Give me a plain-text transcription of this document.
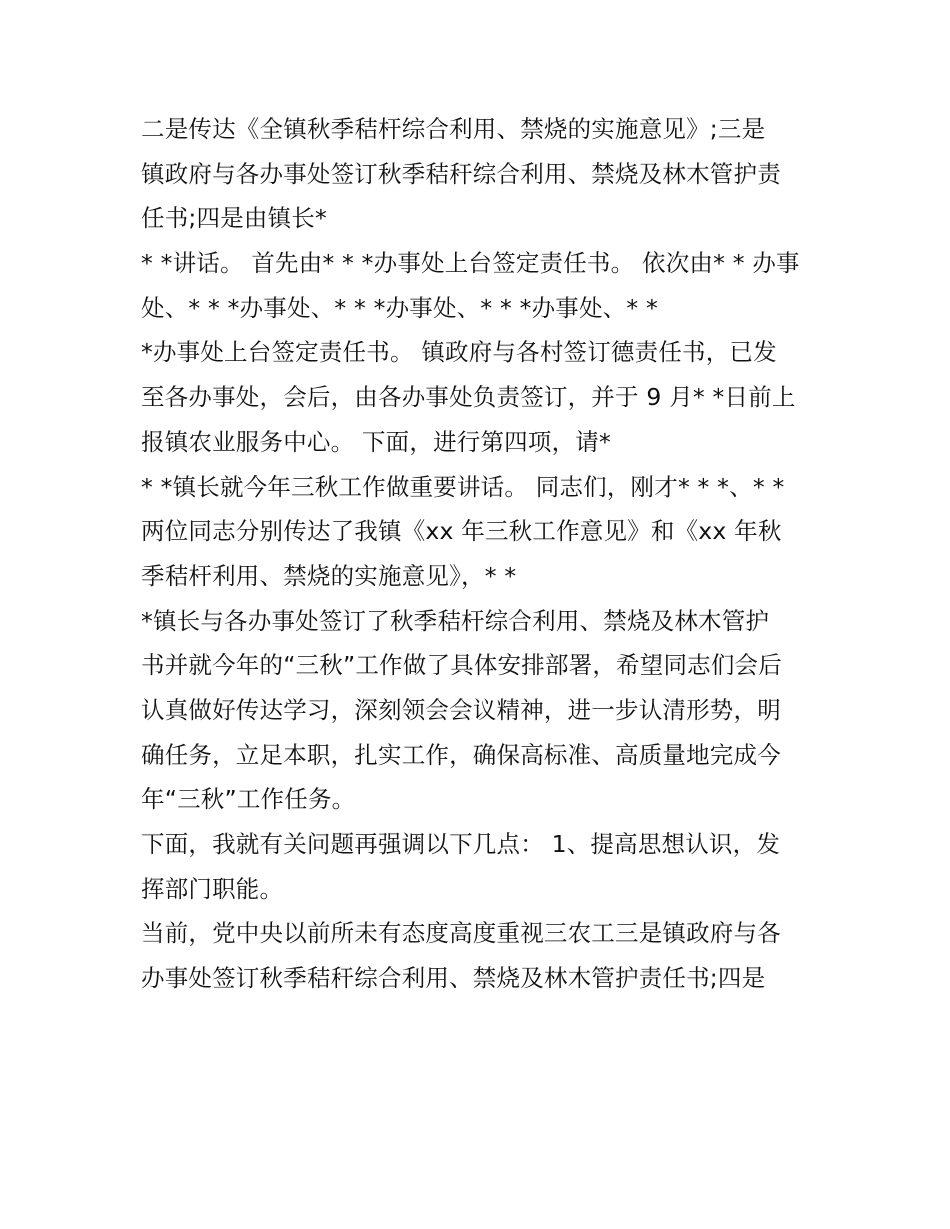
二是传达《全镇秋季秸杆综合利用、禁烧的实施意见》;三是
镇政府与各办事处签订秋季秸秆综合利用、禁烧及林木管护责
任书;四是由镇长*
* *讲话。 首先由* * *办事处上台签定责任书。 依次由* * 办事
处、* * *办事处、* * *办事处、* * *办事处、* *
*办事处上台签定责任书。 镇政府与各村签订德责任书，已发
至各办事处，会后，由各办事处负责签订，并于 9 月* *日前上
报镇农业服务中心。 下面，进行第四项，请*
* *镇长就今年三秋工作做重要讲话。 同志们，刚才* * *、* *
两位同志分别传达了我镇《xx 年三秋工作意见》和《xx 年秋
季秸杆利用、禁烧的实施意见》，* *
*镇长与各办事处签订了秋季秸杆综合利用、禁烧及林木管护
书并就今年的“三秋”工作做了具体安排部署，希望同志们会后
认真做好传达学习，深刻领会会议精神，进一步认清形势，明
确任务，立足本职，扎实工作，确保高标准、高质量地完成今
年“三秋”工作任务。
下面，我就有关问题再强调以下几点： 1、提高思想认识，发
挥部门职能。
当前，党中央以前所未有态度高度重视三农工三是镇政府与各
办事处签订秋季秸秆综合利用、禁烧及林木管护责任书;四是
